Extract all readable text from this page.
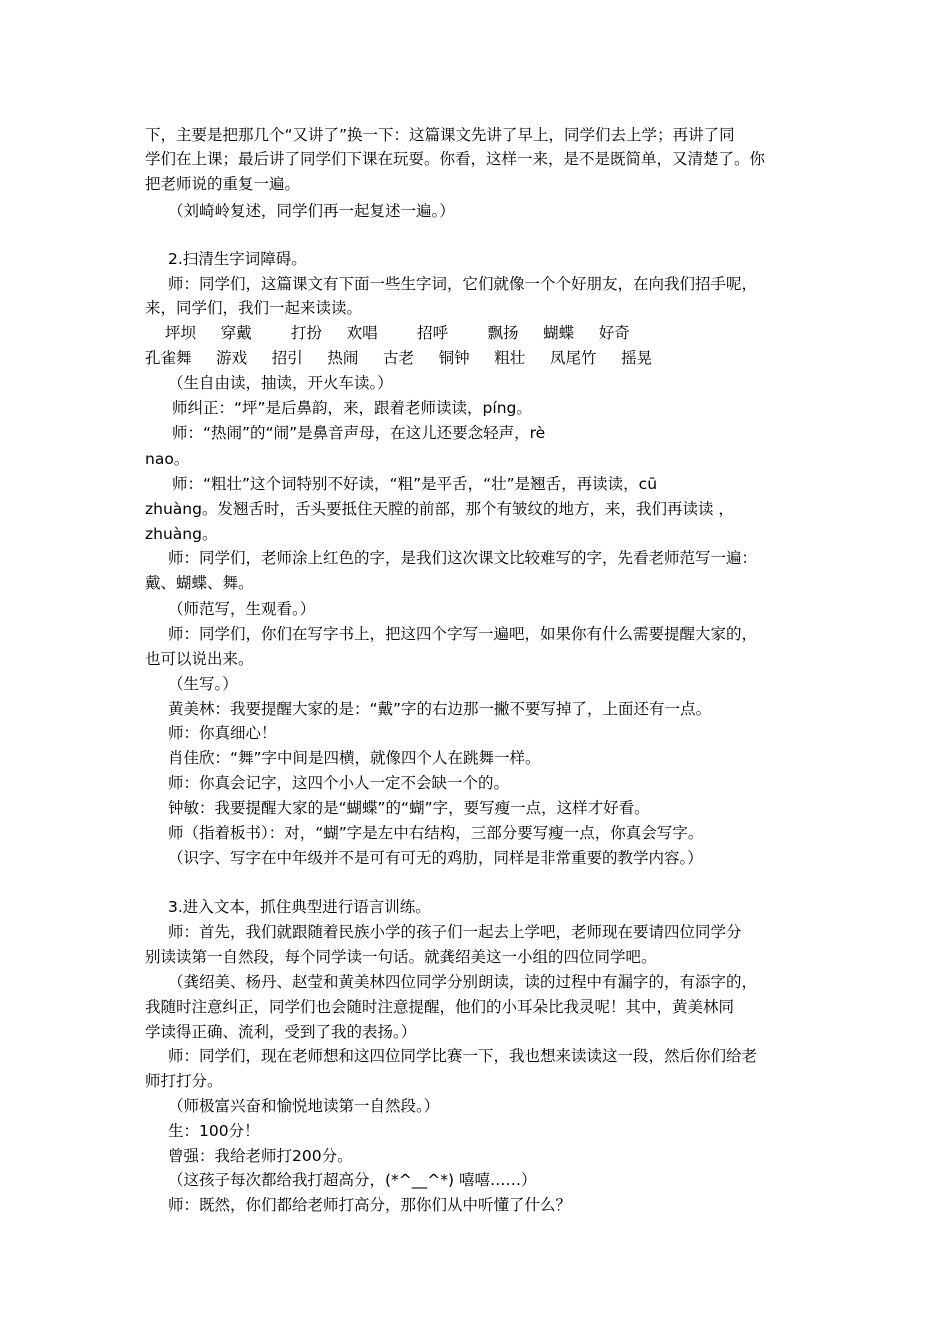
下，主要是把那几个“又讲了”换一下：这篇课文先讲了早上，同学们去上学；再讲了同
学们在上课；最后讲了同学们下课在玩耍。你看，这样一来，是不是既简单，又清楚了。你
把老师说的重复一遍。
（刘崎岭复述，同学们再一起复述一遍。）
2.扫清生字词障碍。
师：同学们，这篇课文有下面一些生字词，它们就像一个个好朋友，在向我们招手呢，
来，同学们，我们一起来读读。
坪坝     穿戴        打扮     欢唱        招呼        飘扬     蝴蝶     好奇
孔雀舞     游戏     招引     热闹     古老     铜钟     粗壮     凤尾竹     摇晃
（生自由读，抽读，开火车读。）
师纠正：“坪”是后鼻韵，来，跟着老师读读，píng。
师：“热闹”的“闹”是鼻音声母，在这儿还要念轻声，rè
nao。
师：“粗壮”这个词特别不好读，“粗”是平舌，“壮”是翘舌，再读读，cū
zhuàng。发翘舌时，舌头要抵住天膛的前部，那个有皱纹的地方，来，我们再读读 ，
zhuàng。
师：同学们，老师涂上红色的字，是我们这次课文比较难写的字，先看老师范写一遍：
戴、蝴蝶、舞。
（师范写，生观看。）
师：同学们，你们在写字书上，把这四个字写一遍吧，如果你有什么需要提醒大家的，
也可以说出来。
（生写。）
黄美林：我要提醒大家的是：“戴”字的右边那一撇不要写掉了，上面还有一点。
师：你真细心！
肖佳欣：“舞”字中间是四横，就像四个人在跳舞一样。
师：你真会记字，这四个小人一定不会缺一个的。
钟敏：我要提醒大家的是“蝴蝶”的“蝴”字，要写瘦一点，这样才好看。
师（指着板书）：对，“蝴”字是左中右结构，三部分要写瘦一点，你真会写字。
（识字、写字在中年级并不是可有可无的鸡肋，同样是非常重要的教学内容。）
3.进入文本，抓住典型进行语言训练。
师：首先，我们就跟随着民族小学的孩子们一起去上学吧，老师现在要请四位同学分
别读读第一自然段，每个同学读一句话。就龚绍美这一小组的四位同学吧。
（龚绍美、杨丹、赵莹和黄美林四位同学分别朗读，读的过程中有漏字的，有添字的，
我随时注意纠正，同学们也会随时注意提醒，他们的小耳朵比我灵呢！其中，黄美林同
学读得正确、流利，受到了我的表扬。）
师：同学们，现在老师想和这四位同学比赛一下，我也想来读读这一段，然后你们给老
师打打分。
（师极富兴奋和愉悦地读第一自然段。）
生：100分！
曾强：我给老师打200分。
（这孩子每次都给我打超高分，(*^__^*) 嘻嘻……）
师：既然，你们都给老师打高分，那你们从中听懂了什么？
